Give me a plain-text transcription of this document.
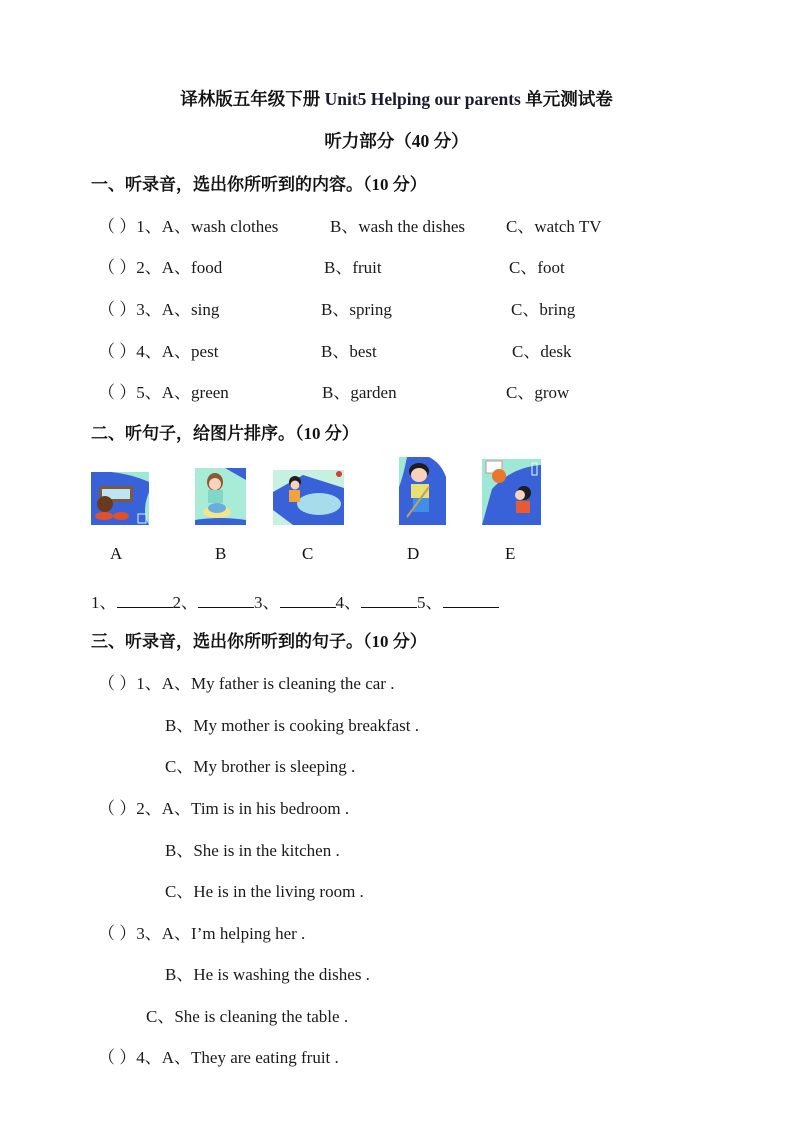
译林版五年级下册 Unit5 Helping our parents 单元测试卷
听力部分（40 分）
一、听录音，选出你所听到的内容。（10 分）
（ ）1、A、wash clothes	B、wash the dishes C、watch TV
（ ）2、A、food	B、fruit	C、foot
（ ）3、A、sing	B、spring	C、bring
（ ）4、A、pest	B、best	C、desk
（ ）5、A、green	B、garden	C、grow
二、听句子，给图片排序。（10 分）
A	B	C	D	E
1、	2、	3、	4、	5、
三、听录音，选出你所听到的句子。（10 分）
（ ）1、A、My father is cleaning the car .
B、My mother is cooking breakfast .
C、My brother is sleeping .
（ ）2、A、Tim is in his bedroom .
B、She is in the kitchen .
C、He is in the living room .
（ ）3、A、I’m helping her .
B、He is washing the dishes .
C、She is cleaning the table .
（ ）4、A、They are eating fruit .
